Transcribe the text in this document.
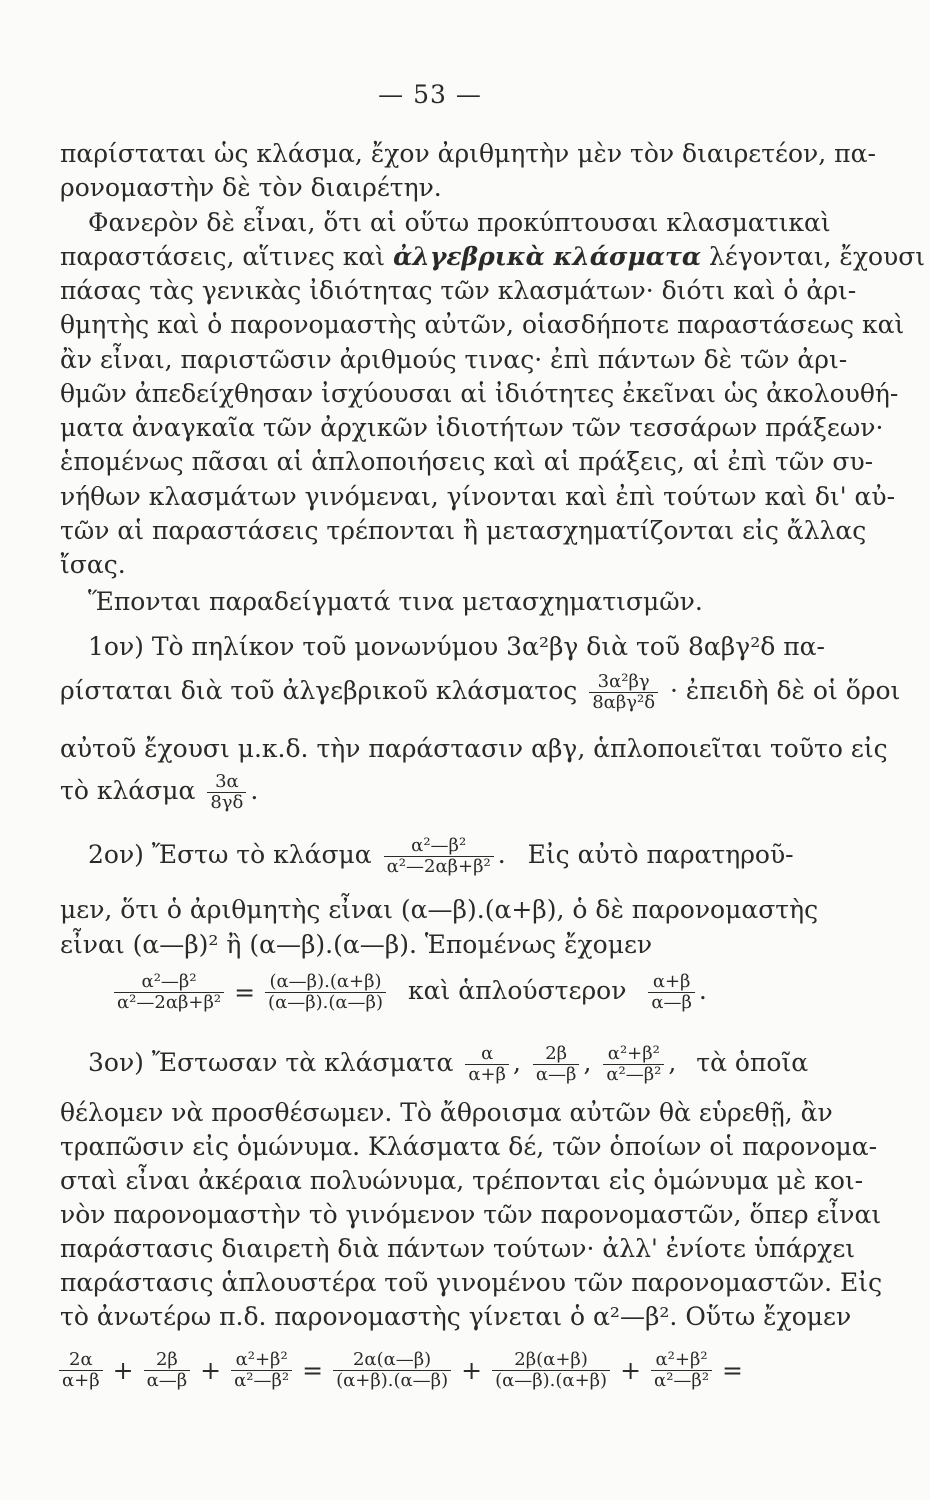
— 53 —
παρίσταται ὡς κλάσμα, ἔχον ἀριθμητὴν μὲν τὸν διαιρετέον, πα-
ρονομαστὴν δὲ τὸν διαιρέτην.
Φανερὸν δὲ εἶναι, ὅτι αἱ οὕτω προκύπτουσαι κλασματικαὶ
παραστάσεις, αἵτινες καὶ ἀλγεβρικὰ κλάσματα λέγονται, ἔχουσι
πάσας τὰς γενικὰς ἰδιότητας τῶν κλασμάτων· διότι καὶ ὁ ἀρι-
θμητὴς καὶ ὁ παρονομαστὴς αὐτῶν, οἱασδήποτε παραστάσεως καὶ
ἂν εἶναι, παριστῶσιν ἀριθμούς τινας· ἐπὶ πάντων δὲ τῶν ἀρι-
θμῶν ἀπεδείχθησαν ἰσχύουσαι αἱ ἰδιότητες ἐκεῖναι ὡς ἀκολουθή-
ματα ἀναγκαῖα τῶν ἀρχικῶν ἰδιοτήτων τῶν τεσσάρων πράξεων·
ἑπομένως πᾶσαι αἱ ἁπλοποιήσεις καὶ αἱ πράξεις, αἱ ἐπὶ τῶν συ-
νήθων κλασμάτων γινόμεναι, γίνονται καὶ ἐπὶ τούτων καὶ δι' αὐ-
τῶν αἱ παραστάσεις τρέπονται ἢ μετασχηματίζονται εἰς ἄλλας
ἴσας.
Ἕπονται παραδείγματά τινα μετασχηματισμῶν.
1ον) Τὸ πηλίκον τοῦ μονωνύμου 3α²βγ διὰ τοῦ 8αβγ²δ πα-
ρίσταται διὰ τοῦ ἀλγεβρικοῦ κλάσματος $\frac{\text{3α²βγ}}{\text{8αβγ²δ}}$ · ἐπειδὴ δὲ οἱ ὅροι
αὐτοῦ ἔχουσι μ.κ.δ. τὴν παράστασιν αβγ, ἁπλοποιεῖται τοῦτο εἰς
τὸ κλάσμα $\frac{3\alpha}{8\gamma\delta}$ .
2ον) Ἔστω τὸ κλάσμα $\frac{\text{α²—β²}}{\text{α²—2αβ+β²}}$ . Εἰς αὐτὸ παρατηροῦ-
μεν, ὅτι ὁ ἀριθμητὴς εἶναι (α—β).(α+β), ὁ δὲ παρονομαστὴς
εἶναι (α—β)² ἢ (α—β).(α—β). Ἑπομένως ἔχομεν
$\frac{\text{α²—β²}}{\text{α²—2αβ+β²}} = \frac{(\alpha—\beta).(\alpha+\beta)}{(\alpha—\beta).(\alpha—\beta)}$ καὶ ἁπλούστερον $\frac{\alpha+\beta}{\alpha—\beta}$ .
3ον) Ἔστωσαν τὰ κλάσματα $\frac{\alpha}{\alpha+\beta}$ , $\frac{2\beta}{\alpha—\beta}$ , $\frac{\text{α²+β²}}{\text{α²—β²}}$ , τὰ ὁποῖα
θέλομεν νὰ προσθέσωμεν. Τὸ ἄθροισμα αὐτῶν θὰ εὑρεθῇ, ἂν
τραπῶσιν εἰς ὁμώνυμα. Κλάσματα δέ, τῶν ὁποίων οἱ παρονομα-
σταὶ εἶναι ἀκέραια πολυώνυμα, τρέπονται εἰς ὁμώνυμα μὲ κοι-
νὸν παρονομαστὴν τὸ γινόμενον τῶν παρονομαστῶν, ὅπερ εἶναι
παράστασις διαιρετὴ διὰ πάντων τούτων· ἀλλ' ἐνίοτε ὑπάρχει
παράστασις ἁπλουστέρα τοῦ γινομένου τῶν παρονομαστῶν. Εἰς
τὸ ἀνωτέρω π.δ. παρονομαστὴς γίνεται ὁ α²—β². Οὕτω ἔχομεν
$\frac{2\alpha}{\alpha+\beta} + \frac{2\beta}{\alpha—\beta} + \frac{\text{α²+β²}}{\text{α²—β²}} = \frac{2\alpha(\alpha—\beta)}{(\alpha+\beta).(\alpha—\beta)} + \frac{2\beta(\alpha+\beta)}{(\alpha—\beta).(\alpha+\beta)} + \frac{\text{α²+β²}}{\text{α²—β²}}$ =
